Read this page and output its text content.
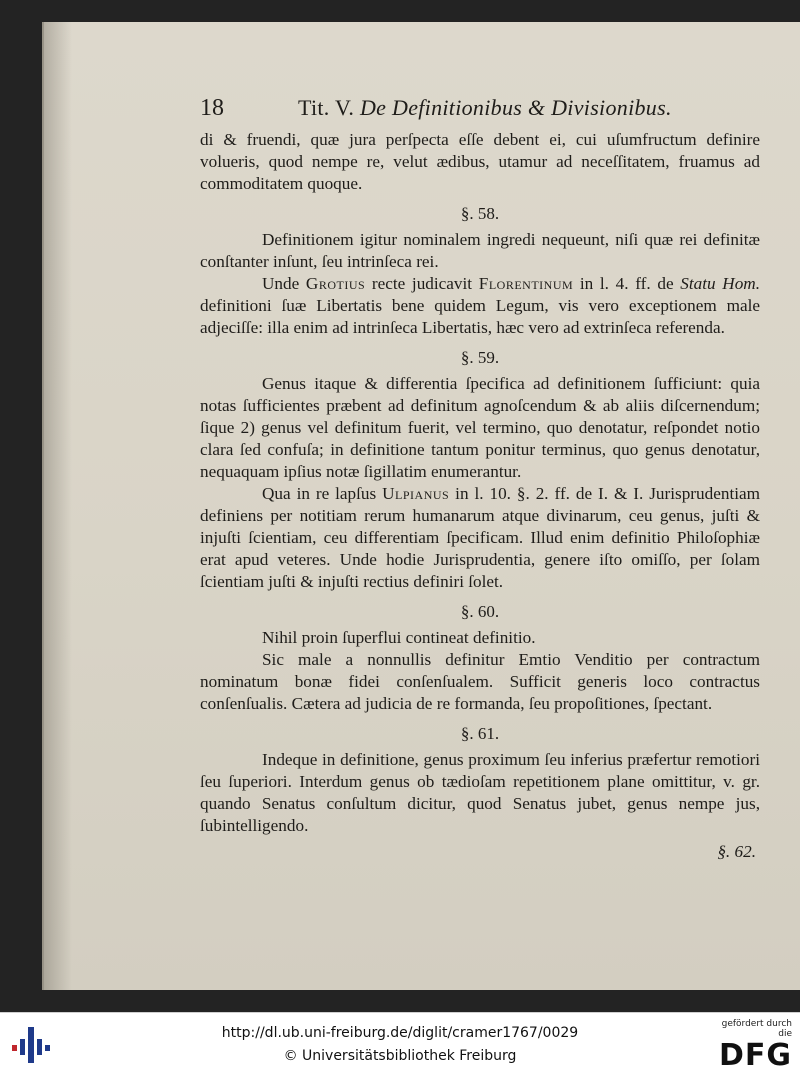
18	Tit. V. De Definitionibus & Divisionibus.

di & fruendi, quæ jura perſpecta eſſe debent ei, cui uſumfructum definire volueris, quod nempe re, velut ædibus, utamur ad neceſſitatem, fruamus ad commoditatem quoque.

§. 58.

Definitionem igitur nominalem ingredi nequeunt, niſi quæ rei definitæ conſtanter inſunt, ſeu intrinſeca rei.

Unde Grotius recte judicavit Florentinum in l. 4. ff. de Statu Hom. definitioni ſuæ Libertatis bene quidem Legum, vis vero exceptionem male adjeciſſe: illa enim ad intrinſeca Libertatis, hæc vero ad extrinſeca referenda.

§. 59.

Genus itaque & differentia ſpecifica ad definitionem ſufficiunt: quia notas ſufficientes præbent ad definitum agnoſcendum & ab aliis diſcernendum; ſique 2) genus vel definitum fuerit, vel termino, quo denotatur, reſpondet notio clara ſed confuſa; in definitione tantum ponitur terminus, quo genus denotatur, nequaquam ipſius notæ ſigillatim enumerantur.

Qua in re lapſus Ulpianus in l. 10. §. 2. ff. de I. & I. Jurisprudentiam definiens per notitiam rerum humanarum atque divinarum, ceu genus, juſti & injuſti ſcientiam, ceu differentiam ſpecificam. Illud enim definitio Philoſophiæ erat apud veteres. Unde hodie Jurisprudentia, genere iſto omiſſo, per ſolam ſcientiam juſti & injuſti rectius definiri ſolet.

§. 60.

Nihil proin ſuperflui contineat definitio.

Sic male a nonnullis definitur Emtio Venditio per contractum nominatum bonæ fidei conſenſualem. Sufficit generis loco contractus conſenſualis. Cætera ad judicia de re formanda, ſeu propoſitiones, ſpectant.

§. 61.

Indeque in definitione, genus proximum ſeu inferius præfertur remotiori ſeu ſuperiori. Interdum genus ob tædioſam repetitionem plane omittitur, v. gr. quando Senatus conſultum dicitur, quod Senatus jubet, genus nempe jus, ſubintelligendo.

§. 62.
http://dl.ub.uni-freiburg.de/diglit/cramer1767/0029
© Universitätsbibliothek Freiburg
gefördert durch die
DFG
